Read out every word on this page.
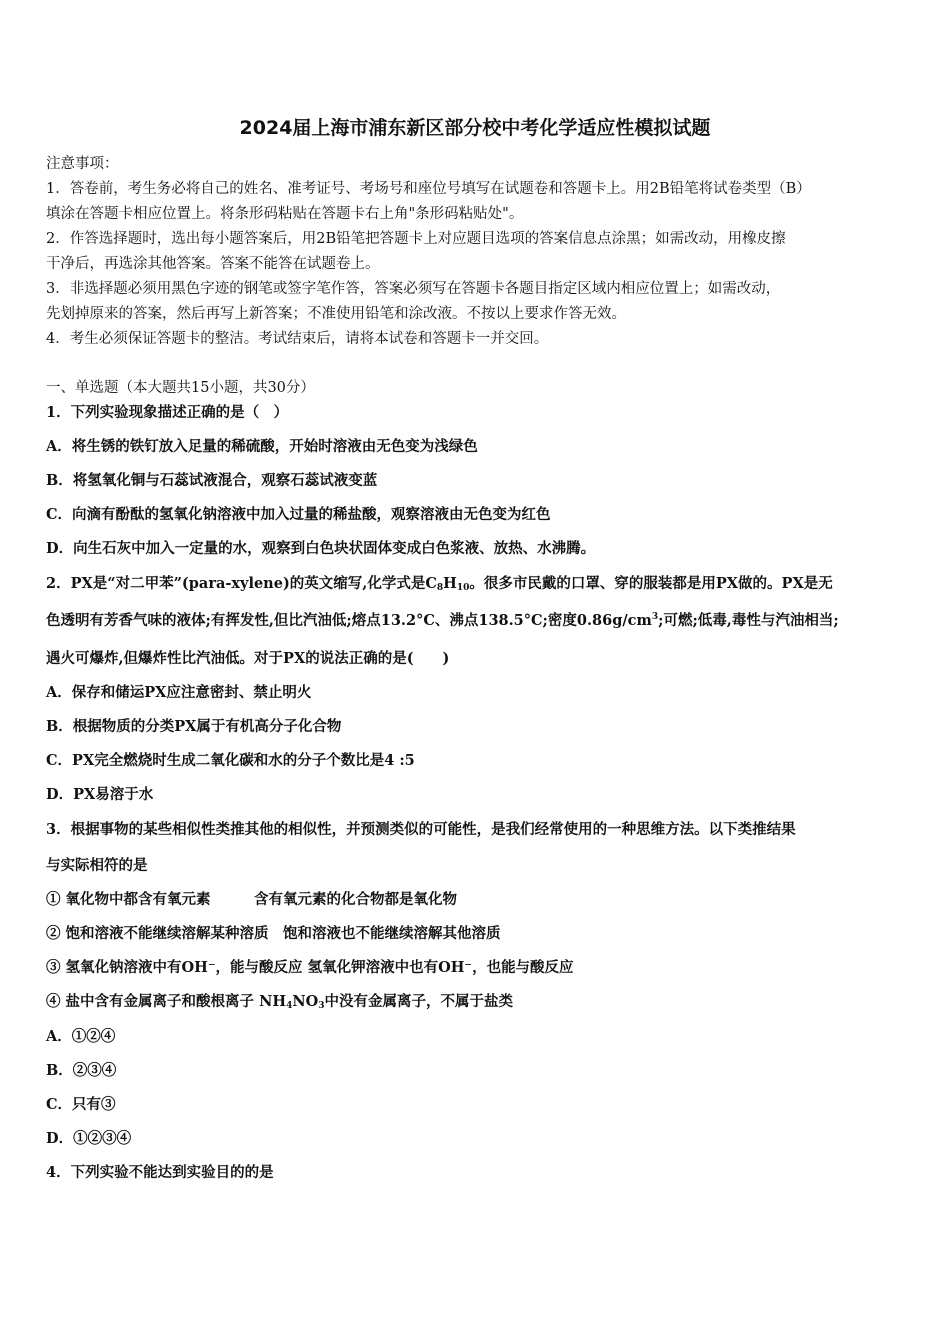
2024届上海市浦东新区部分校中考化学适应性模拟试题
注意事项：
1．答卷前，考生务必将自己的姓名、准考证号、考场号和座位号填写在试题卷和答题卡上。用2B铅笔将试卷类型（B）
填涂在答题卡相应位置上。将条形码粘贴在答题卡右上角"条形码粘贴处"。
2．作答选择题时，选出每小题答案后，用2B铅笔把答题卡上对应题目选项的答案信息点涂黑；如需改动，用橡皮擦
干净后，再选涂其他答案。答案不能答在试题卷上。
3．非选择题必须用黑色字迹的钢笔或签字笔作答，答案必须写在答题卡各题目指定区域内相应位置上；如需改动，
先划掉原来的答案，然后再写上新答案；不准使用铅笔和涂改液。不按以上要求作答无效。
4．考生必须保证答题卡的整洁。考试结束后，请将本试卷和答题卡一并交回。
一、单选题（本大题共15小题，共30分）
1．下列实验现象描述正确的是（　）
A．将生锈的铁钉放入足量的稀硫酸，开始时溶液由无色变为浅绿色
B．将氢氧化铜与石蕊试液混合，观察石蕊试液变蓝
C．向滴有酚酞的氢氧化钠溶液中加入过量的稀盐酸，观察溶液由无色变为红色
D．向生石灰中加入一定量的水，观察到白色块状固体变成白色浆液、放热、水沸腾。
2．PX是“对二甲苯”(para-xylene)的英文缩写,化学式是$C_8H_{10}$。很多市民戴的口罩、穿的服装都是用PX做的。PX是无
色透明有芳香气味的液体;有挥发性,但比汽油低;熔点13.2°C、沸点138.5°C;密度$0.86g/cm^3$;可燃;低毒,毒性与汽油相当;
遇火可爆炸,但爆炸性比汽油低。对于PX的说法正确的是(　　)
A．保存和储运PX应注意密封、禁止明火
B．根据物质的分类PX属于有机高分子化合物
C．PX完全燃烧时生成二氧化碳和水的分子个数比是4 :5
D．PX易溶于水
3．根据事物的某些相似性类推其他的相似性，并预测类似的可能性，是我们经常使用的一种思维方法。以下类推结果
与实际相符的是
① 氧化物中都含有氧元素　　　含有氧元素的化合物都是氧化物
② 饱和溶液不能继续溶解某种溶质　饱和溶液也不能继续溶解其他溶质
③ 氢氧化钠溶液中有OH⁻，能与酸反应 氢氧化钾溶液中也有OH⁻，也能与酸反应
④ 盐中含有金属离子和酸根离子 $NH_4NO_3$中没有金属离子，不属于盐类
A．①②④
B．②③④
C．只有③
D．①②③④
4．下列实验不能达到实验目的的是
